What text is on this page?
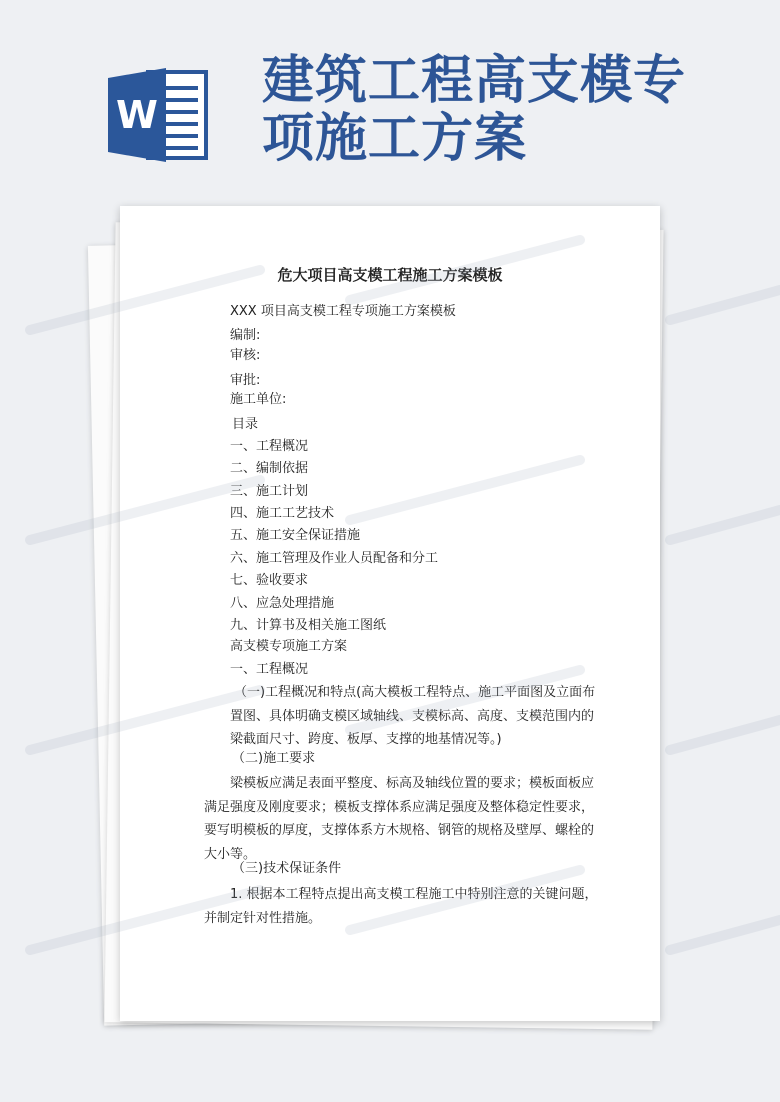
W
建筑工程高支模专
项施工方案
危大项目高支模工程施工方案模板
XXX 项目高支模工程专项施工方案模板
编制:
审核:
审批:
施工单位:
目录
一、工程概况
二、编制依据
三、施工计划
四、施工工艺技术
五、施工安全保证措施
六、施工管理及作业人员配备和分工
七、验收要求
八、应急处理措施
九、计算书及相关施工图纸
高支模专项施工方案
一、工程概况
（一)工程概况和特点(高大模板工程特点、施工平面图及立面布置图、具体明确支模区域轴线、支模标高、高度、支模范围内的梁截面尺寸、跨度、板厚、支撑的地基情况等。)
（二)施工要求
梁模板应满足表面平整度、标高及轴线位置的要求；模板面板应满足强度及刚度要求；模板支撑体系应满足强度及整体稳定性要求，要写明模板的厚度，支撑体系方木规格、钢管的规格及壁厚、螺栓的大小等。
（三)技术保证条件
1. 根据本工程特点提出高支模工程施工中特别注意的关键问题，并制定针对性措施。
